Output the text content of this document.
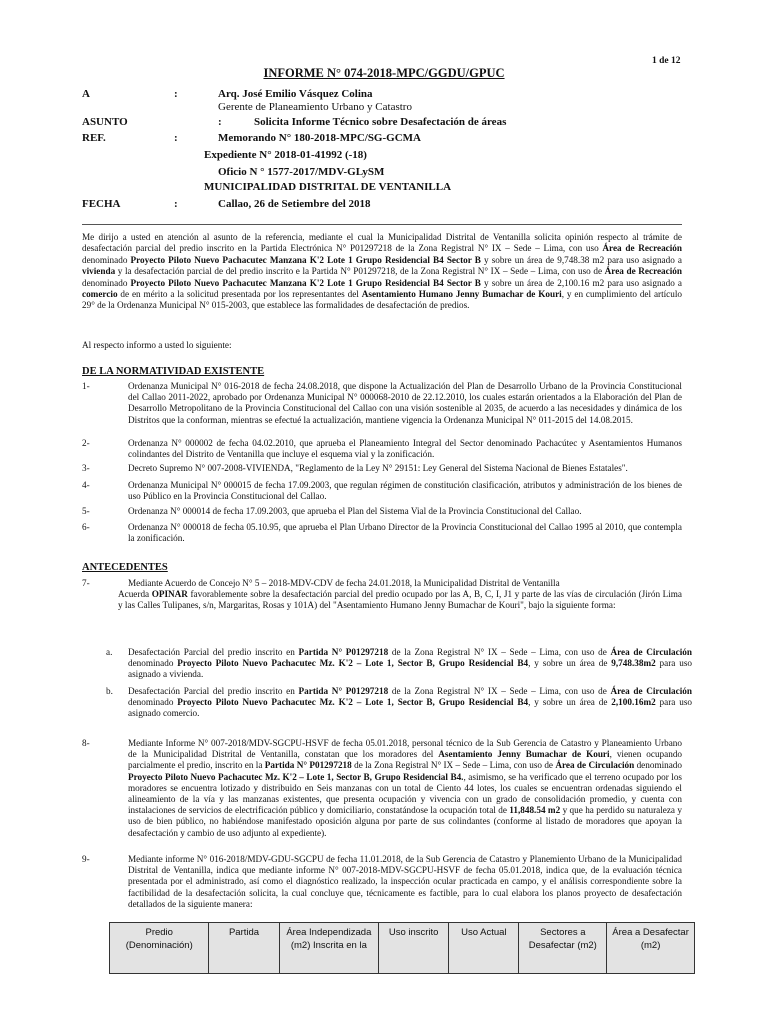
1 de 12
INFORME N° 074-2018-MPC/GGDU/GPUC
A	:	Arq. José Emilio Vásquez Colina
Gerente de Planeamiento Urbano y Catastro
ASUNTO	:	Solicita Informe Técnico sobre Desafectación de áreas
REF.	:	Memorando N° 180-2018-MPC/SG-GCMA
Expediente N° 2018-01-41992 (-18)
Oficio N ° 1577-2017/MDV-GLySM
MUNICIPALIDAD DISTRITAL DE VENTANILLA
FECHA	:	Callao, 26 de Setiembre del 2018
Me dirijo a usted en atención al asunto de la referencia, mediante el cual la Municipalidad Distrital de Ventanilla solicita opinión respecto al trámite de desafectación parcial del predio inscrito en la Partida Electrónica N° P01297218 de la Zona Registral N° IX – Sede – Lima, con uso Área de Recreación denominado Proyecto Piloto Nuevo Pachacutec Manzana K'2 Lote 1 Grupo Residencial B4 Sector B y sobre un área de 9,748.38 m2 para uso asignado a vivienda y la desafectación parcial de del predio inscrito e la Partida N° P01297218, de la Zona Registral N° IX – Sede – Lima, con uso de Área de Recreación denominado Proyecto Piloto Nuevo Pachacutec Manzana K'2 Lote 1 Grupo Residencial B4 Sector B y sobre un área de 2,100.16 m2 para uso asignado a comercio de en mérito a la solicitud presentada por los representantes del Asentamiento Humano Jenny Bumachar de Kouri, y en cumplimiento del artículo 29° de la Ordenanza Municipal N° 015-2003, que establece las formalidades de desafectación de predios.
Al respecto informo a usted lo siguiente:
DE LA NORMATIVIDAD EXISTENTE
1-	Ordenanza Municipal N° 016-2018 de fecha 24.08.2018, que dispone la Actualización del Plan de Desarrollo Urbano de la Provincia Constitucional del Callao 2011-2022, aprobado por Ordenanza Municipal N° 000068-2010 de 22.12.2010, los cuales estarán orientados a la Elaboración del Plan de Desarrollo Metropolitano de la Provincia Constitucional del Callao con una visión sostenible al 2035, de acuerdo a las necesidades y dinámica de los Distritos que la conforman, mientras se efectué la actualización, mantiene vigencia la Ordenanza Municipal N° 011-2015 del 14.08.2015.
2-	Ordenanza N° 000002 de fecha 04.02.2010, que aprueba el Planeamiento Integral del Sector denominado Pachacútec y Asentamientos Humanos colindantes del Distrito de Ventanilla que incluye el esquema vial y la zonificación.
3-	Decreto Supremo N° 007-2008-VIVIENDA, "Reglamento de la Ley N° 29151: Ley General del Sistema Nacional de Bienes Estatales".
4-	Ordenanza Municipal N° 000015 de fecha 17.09.2003, que regulan régimen de constitución clasificación, atributos y administración de los bienes de uso Público en la Provincia Constitucional del Callao.
5-	Ordenanza N° 000014 de fecha 17.09.2003, que aprueba el Plan del Sistema Vial de la Provincia Constitucional del Callao.
6-	Ordenanza N° 000018 de fecha 05.10.95, que aprueba el Plan Urbano Director de la Provincia Constitucional del Callao 1995 al 2010, que contempla la zonificación.
ANTECEDENTES
7-	Mediante Acuerdo de Concejo N° 5 – 2018-MDV-CDV de fecha 24.01.2018, la Municipalidad Distrital de Ventanilla
Acuerda OPINAR favorablemente sobre la desafectación parcial del predio ocupado por las A, B, C, I, J1 y parte de las vías de circulación (Jirón Lima y las Calles Tulipanes, s/n, Margaritas, Rosas y 101A) del "Asentamiento Humano Jenny Bumachar de Kouri", bajo la siguiente forma:
a. Desafectación Parcial del predio inscrito en Partida N° P01297218 de la Zona Registral N° IX – Sede – Lima, con uso de Área de Circulación denominado Proyecto Piloto Nuevo Pachacutec Mz. K'2 – Lote 1, Sector B, Grupo Residencial B4, y sobre un área de 9,748.38m2 para uso asignado a vivienda.
b. Desafectación Parcial del predio inscrito en Partida N° P01297218 de la Zona Registral N° IX – Sede – Lima, con uso de Área de Circulación denominado Proyecto Piloto Nuevo Pachacutec Mz. K'2 – Lote 1, Sector B, Grupo Residencial B4, y sobre un área de 2,100.16m2 para uso asignado comercio.
8-	Mediante Informe N° 007-2018/MDV-SGCPU-HSVF de fecha 05.01.2018, personal técnico de la Sub Gerencia de Catastro y Planeamiento Urbano de la Municipalidad Distrital de Ventanilla, constatan que los moradores del Asentamiento Jenny Bumachar de Kouri, vienen ocupando parcialmente el predio, inscrito en la Partida N° P01297218 de la Zona Registral N° IX – Sede – Lima, con uso de Área de Circulación denominado Proyecto Piloto Nuevo Pachacutec Mz. K'2 – Lote 1, Sector B, Grupo Residencial B4., asimismo, se ha verificado que el terreno ocupado por los moradores se encuentra lotizado y distribuido en Seis manzanas con un total de Ciento 44 lotes, los cuales se encuentran ordenadas siguiendo el alineamiento de la vía y las manzanas existentes, que presenta ocupación y vivencia con un grado de consolidación promedio, y cuenta con instalaciones de servicios de electrificación público y domiciliario, constatándose la ocupación total de 11,848.54 m2 y que ha perdido su naturaleza y uso de bien público, no habiéndose manifestado oposición alguna por parte de sus colindantes (conforme al listado de moradores que apoyan la desafectación y cambio de uso adjunto al expediente).
9-	Mediante informe N° 016-2018/MDV-GDU-SGCPU de fecha 11.01.2018, de la Sub Gerencia de Catastro y Planemiento Urbano de la Municipalidad Distrital de Ventanilla, indica que mediante informe N° 007-2018-MDV-SGCPU-HSVF de fecha 05.01.2018, indica que, de la evaluación técnica presentada por el administrado, así como el diagnóstico realizado, la inspección ocular practicada en campo, y el análisis correspondiente sobre la factibilidad de la desafectación solicita, la cual concluye que, técnicamente es factible, para lo cual elabora los planos proyecto de desafectación detallados de la siguiente manera:
Predio (Denominación)	Partida	Área Independizada (m2) Inscrita en la	Uso inscrito	Uso Actual	Sectores a Desafectar (m2)	Área a Desafectar (m2)
